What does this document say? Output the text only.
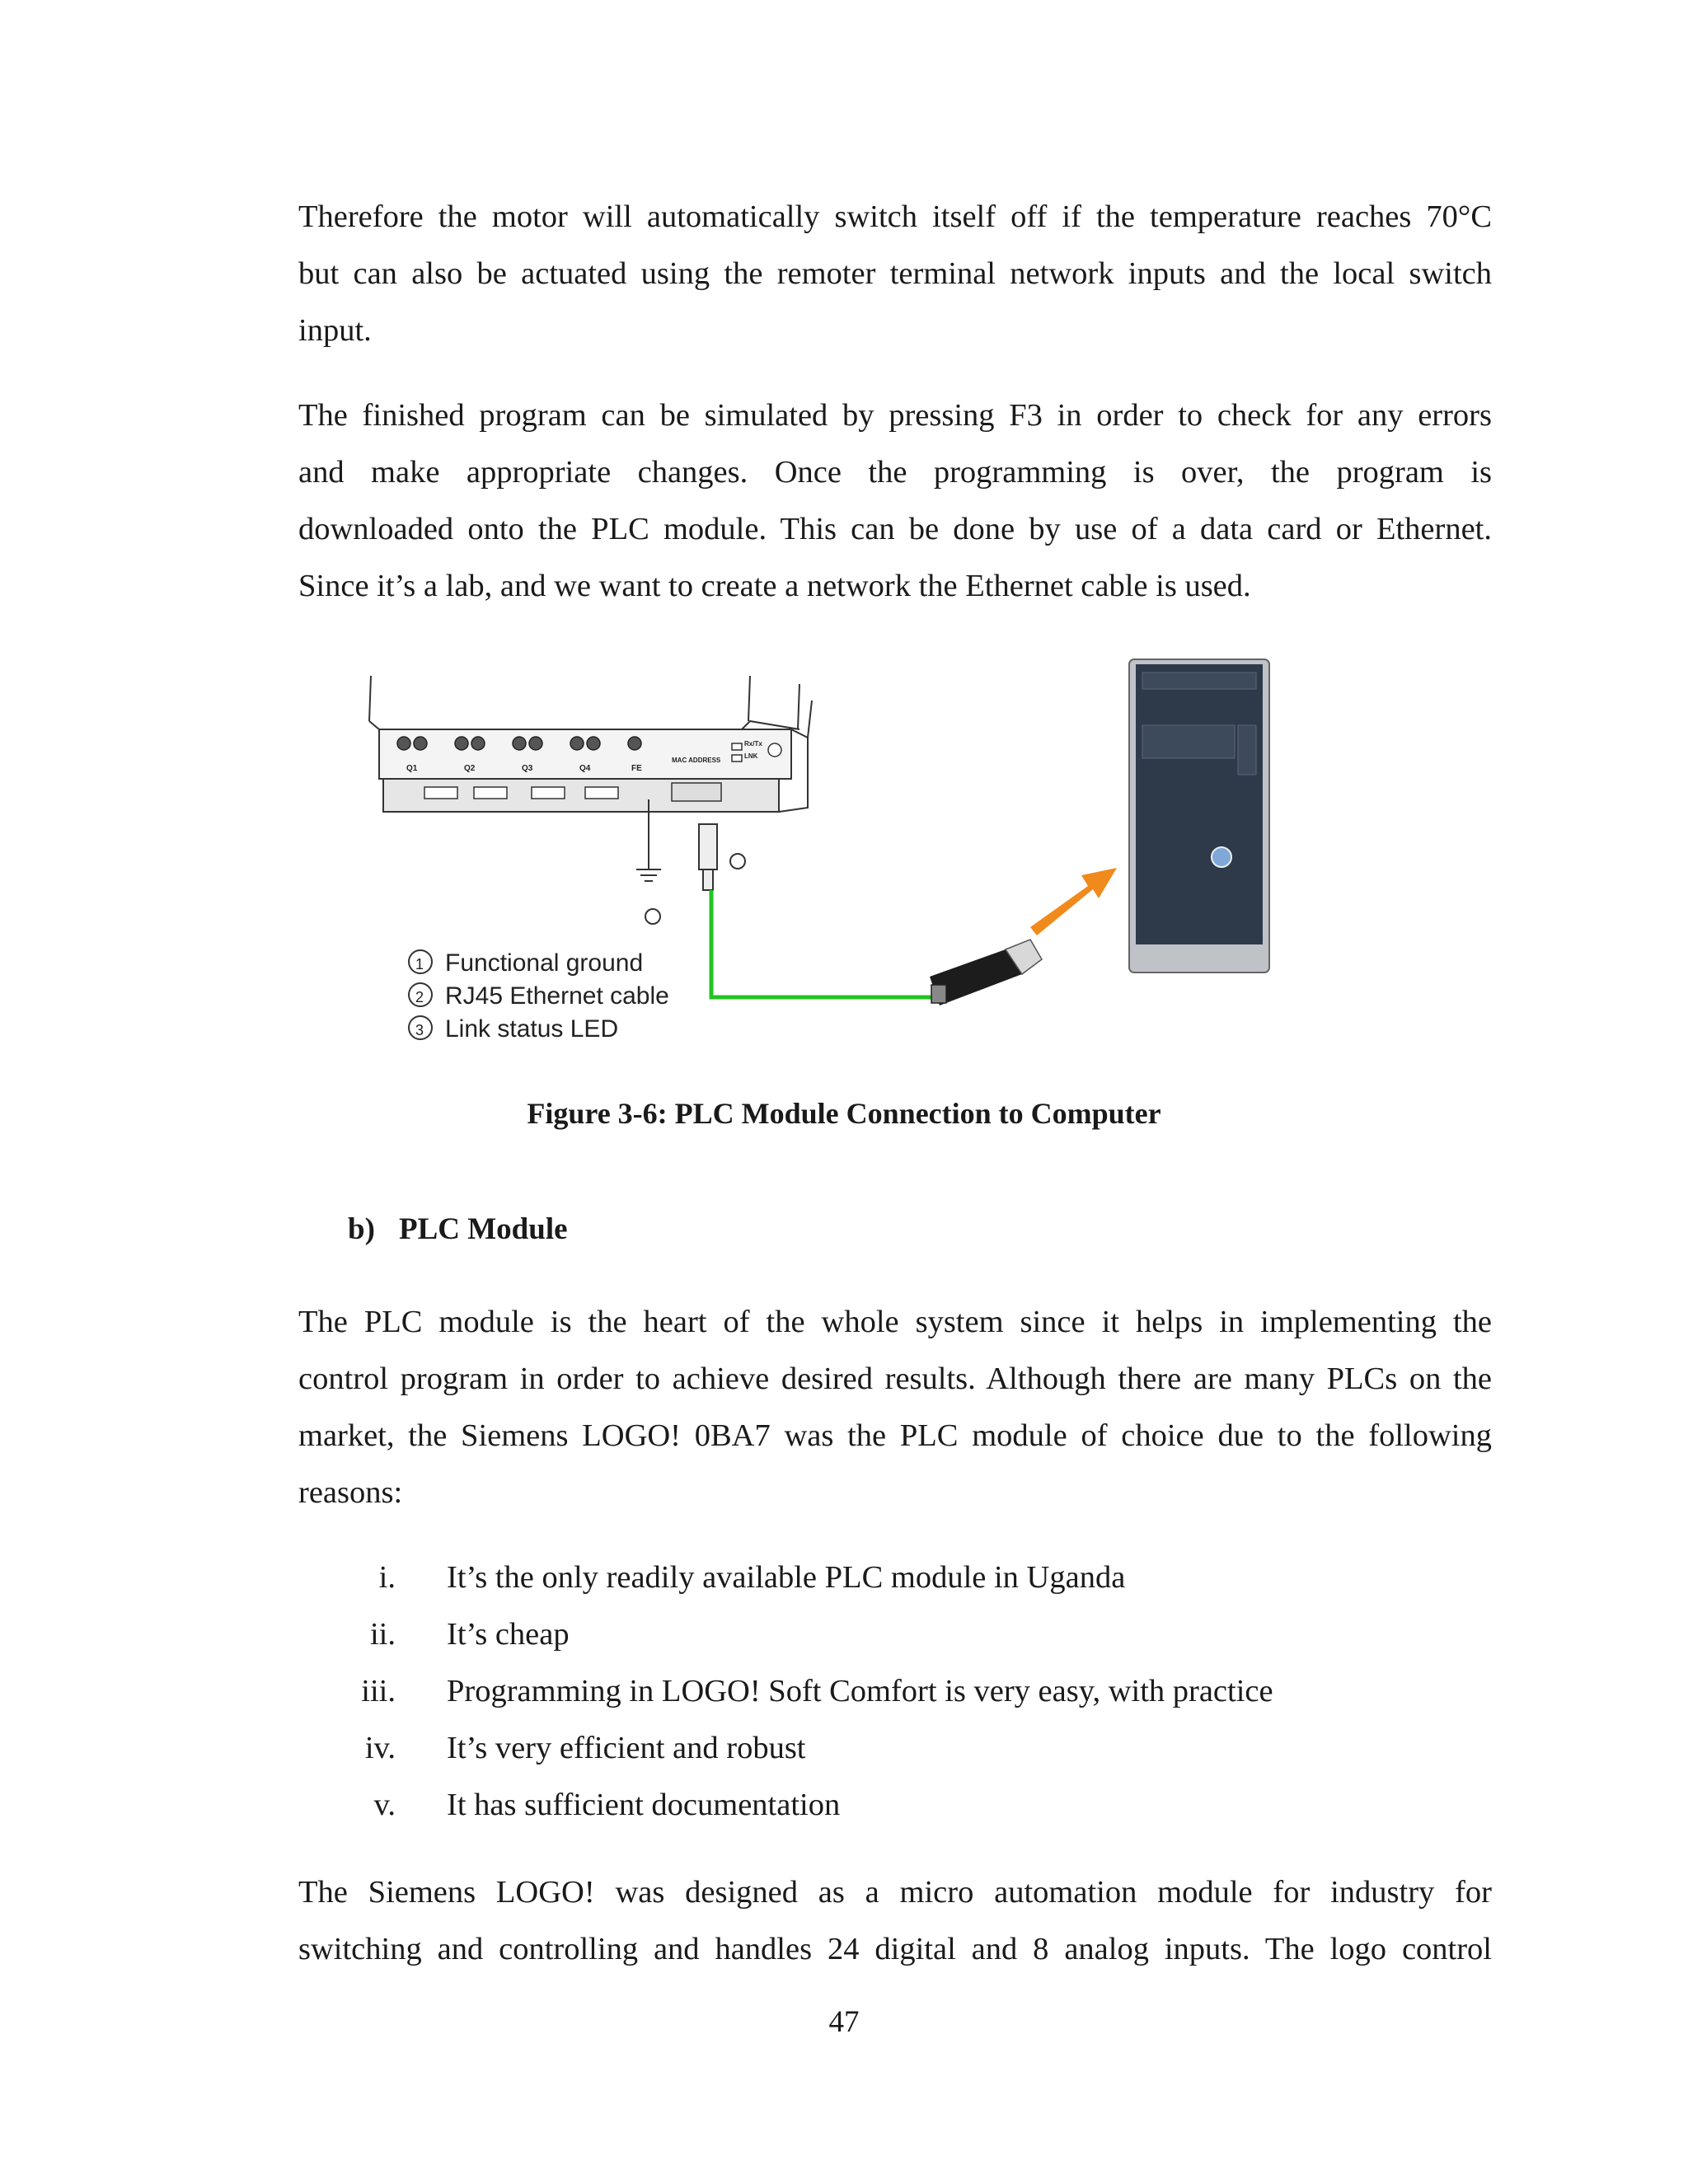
Therefore the motor will automatically switch itself off if the temperature reaches 70°C
but can also be actuated using the remoter terminal network inputs and the local switch
input.

The finished program can be simulated by pressing F3 in order to check for any errors
and make appropriate changes. Once the programming is over, the program is
downloaded onto the PLC module. This can be done by use of a data card or Ethernet.
Since it’s a lab, and we want to create a network the Ethernet cable is used.

Q1	Q2	Q3	Q4	FE
MAC ADDRESS
Rx/Tx
LNK
1 Functional ground
2 RJ45 Ethernet cable
3 Link status LED
Figure 3-6: PLC Module Connection to Computer
b) PLC Module

The PLC module is the heart of the whole system since it helps in implementing the
control program in order to achieve desired results. Although there are many PLCs on the
market, the Siemens LOGO! 0BA7 was the PLC module of choice due to the following
reasons:

i. It’s the only readily available PLC module in Uganda
ii. It’s cheap
iii. Programming in LOGO! Soft Comfort is very easy, with practice
iv. It’s very efficient and robust
v. It has sufficient documentation

The Siemens LOGO! was designed as a micro automation module for industry for
switching and controlling and handles 24 digital and 8 analog inputs. The logo control

47
